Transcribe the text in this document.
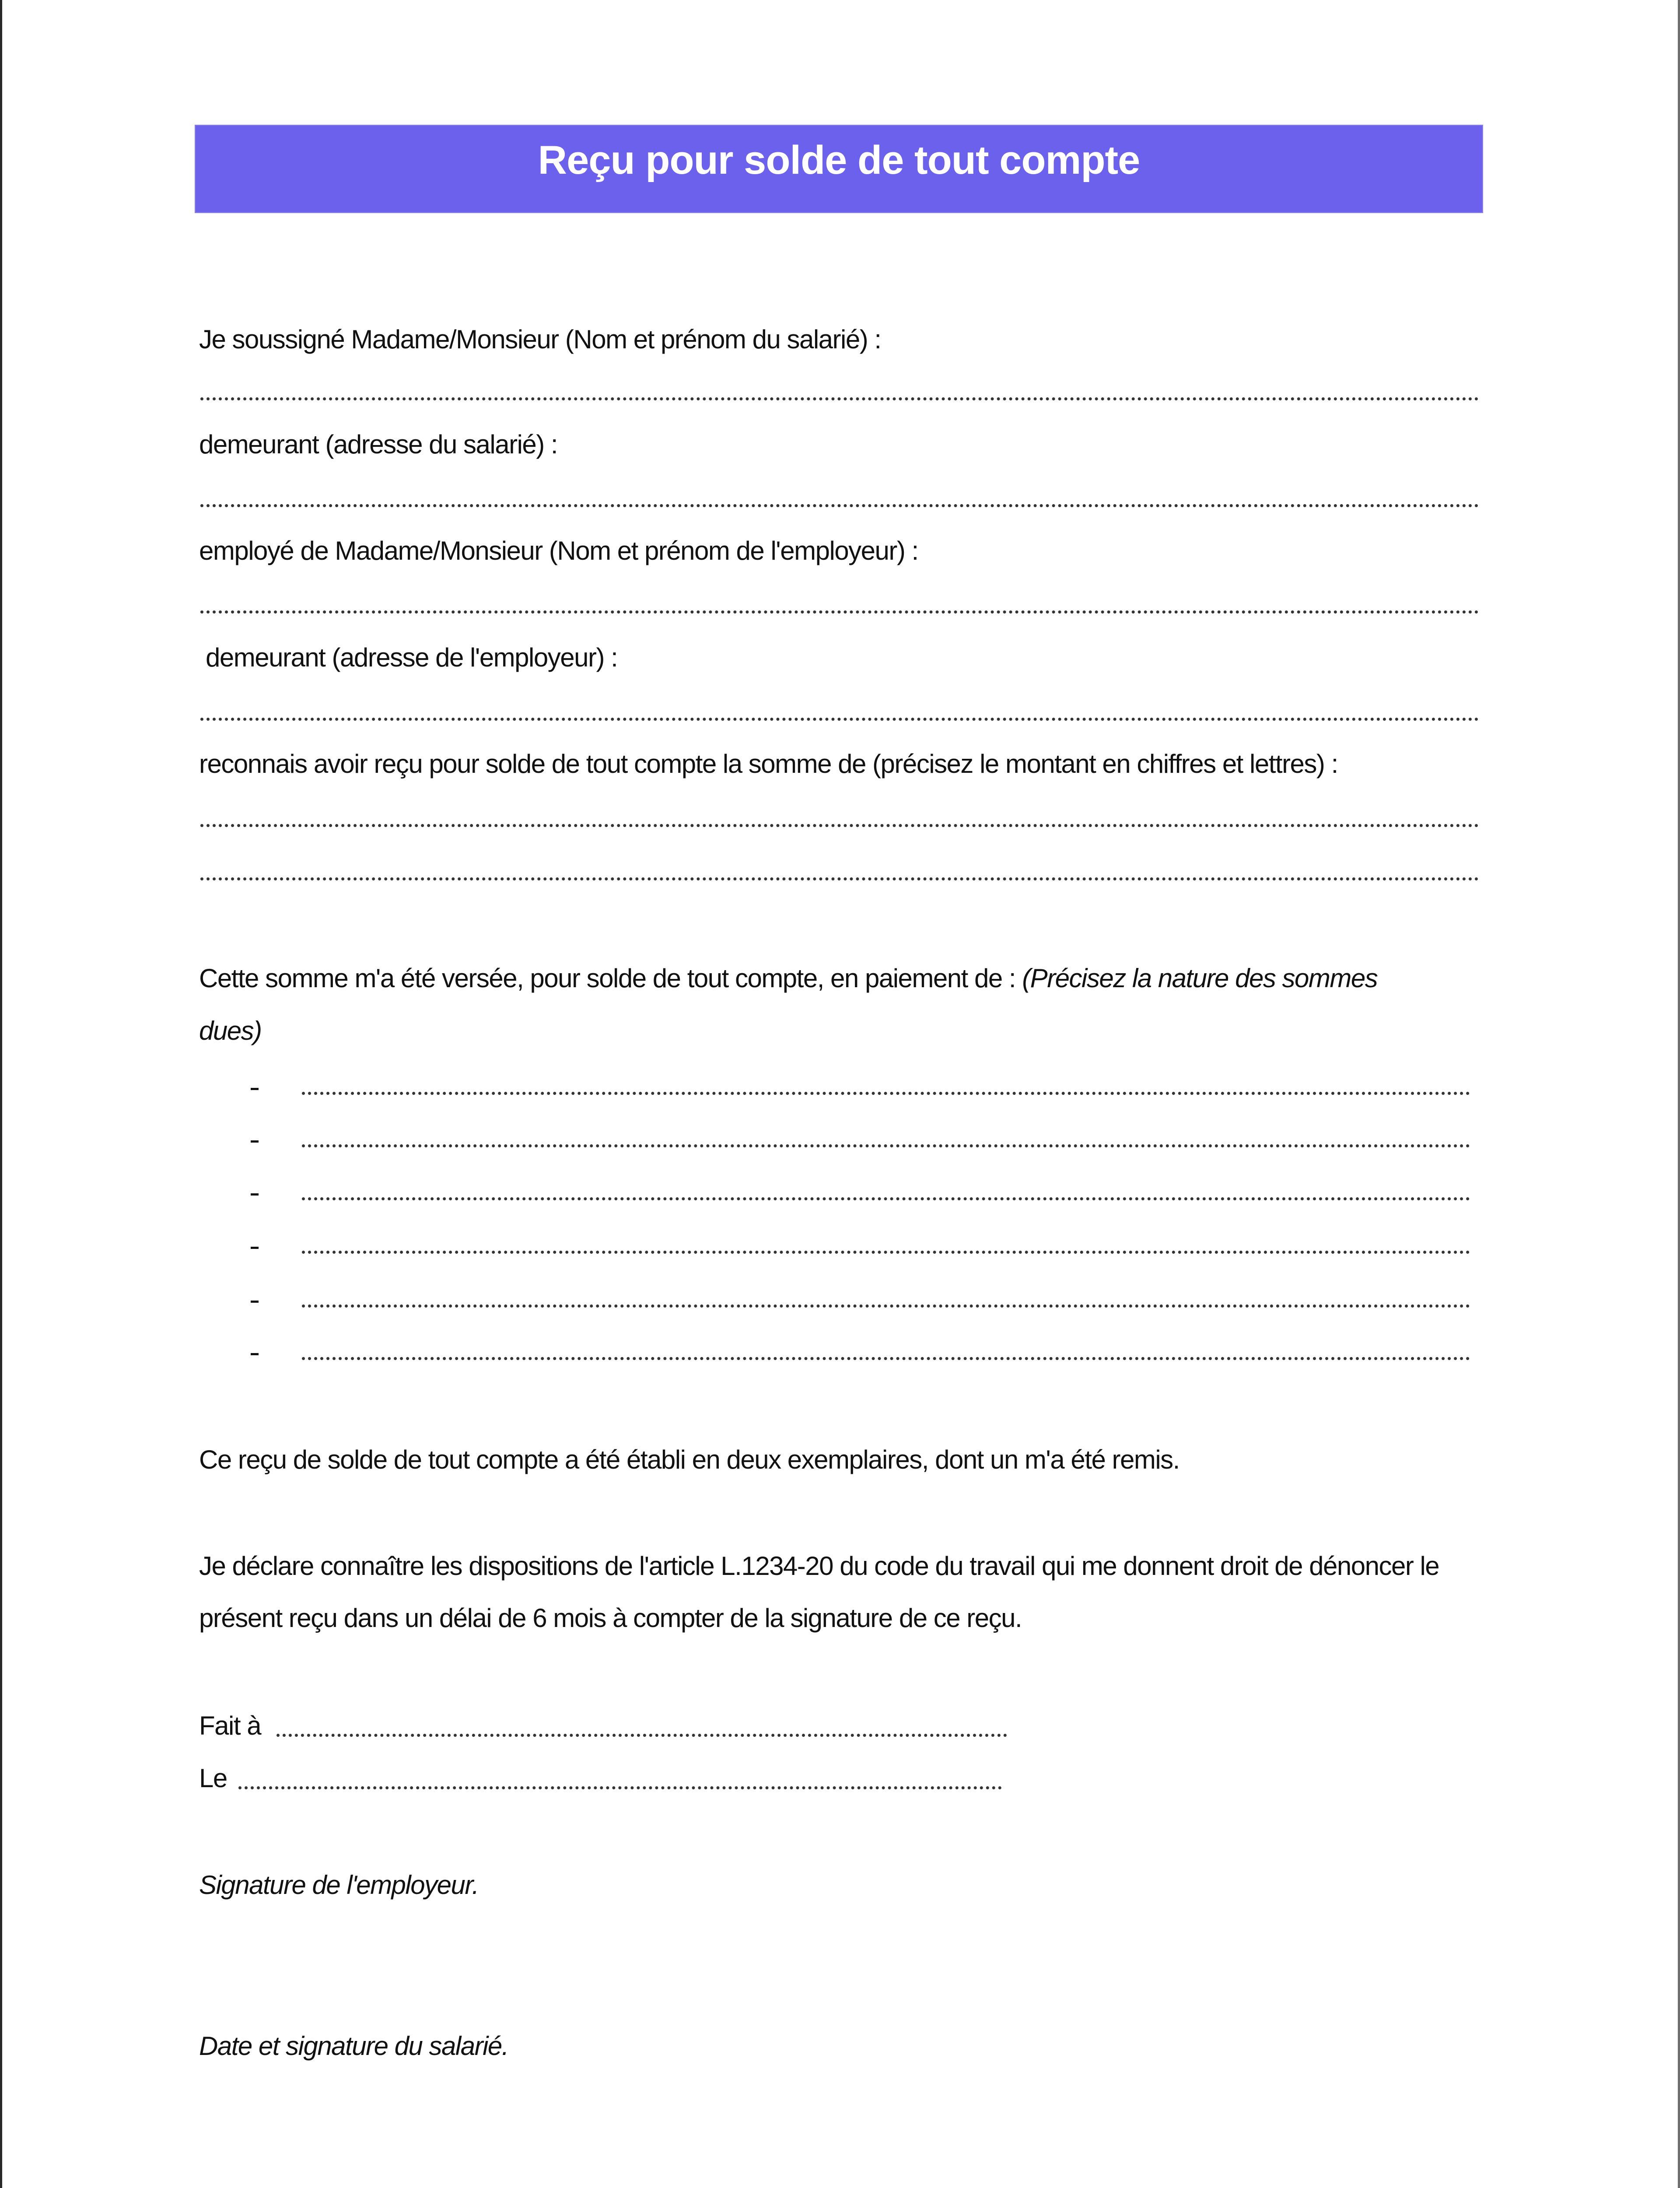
Reçu pour solde de tout compte
Je soussigné Madame/Monsieur (Nom et prénom du salarié) :
demeurant (adresse du salarié) :
employé de Madame/Monsieur (Nom et prénom de l'employeur) :
demeurant (adresse de l'employeur) :
reconnais avoir reçu pour solde de tout compte la somme de (précisez le montant en chiffres et lettres) :
Cette somme m'a été versée, pour solde de tout compte, en paiement de : (Précisez la nature des sommes
dues)
Ce reçu de solde de tout compte a été établi en deux exemplaires, dont un m'a été remis.
Je déclare connaître les dispositions de l'article L.1234-20 du code du travail qui me donnent droit de dénoncer le
présent reçu dans un délai de 6 mois à compter de la signature de ce reçu.
Fait à
Le
Signature de l'employeur.
Date et signature du salarié.
